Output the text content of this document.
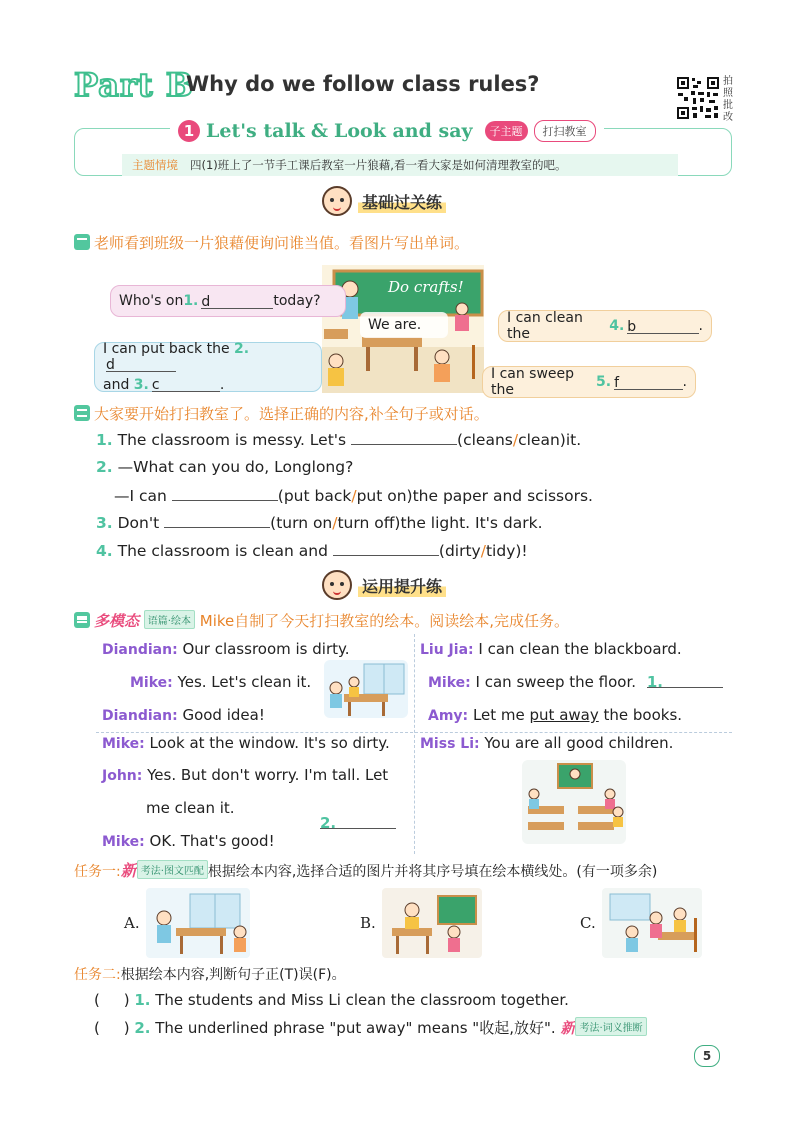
Part B
Why do we follow class rules?	拍照批改
1 Let's talk & Look and say	子主题	打扫教室
主题情境 四(1)班上了一节手工课后教室一片狼藉,看一看大家是如何清理教室的吧。
基础过关练
老师看到班级一片狼藉便询问谁当值。看图片写出单词。
Do crafts!
Who's on 1. d	today?
We are.	I can clean the	4. b	.
I can put back the 2.d
and 3. c	.
I can sweep the	5. f	.
大家要开始打扫教室了。选择正确的内容,补全句子或对话。
1. The classroom is messy. Let's	(cleans/clean)it.
2. —What can you do, Longlong?
—I can	(put back/put on)the paper and scissors.
3. Don't	(turn on/turn off)the light. It's dark.
4. The classroom is clean and	(dirty/tidy)!
运用提升练
多模态 语篇·绘本 Mike自制了今天打扫教室的绘本。阅读绘本,完成任务。
Diandian: Our classroom is dirty.
Mike: Yes. Let's clean it.
Diandian: Good idea!
Liu Jia: I can clean the blackboard.
Mike: I can sweep the floor. 1.
Amy: Let me put away the books.
Mike: Look at the window. It's so dirty.
John: Yes. But don't worry. I'm tall. Let
me clean it.
Mike: OK. That's good!
2.
Miss Li: You are all good children.
任务一:新 考法·图文匹配 根据绘本内容,选择合适的图片并将其序号填在绘本横线处。(有一项多余)
A.	B.	C.
任务二:根据绘本内容,判断句子正(T)误(F)。
(     ) 1. The students and Miss Li clean the classroom together.
(     ) 2. The underlined phrase "put away" means "收起,放好". 新 考法·词义推断
5
